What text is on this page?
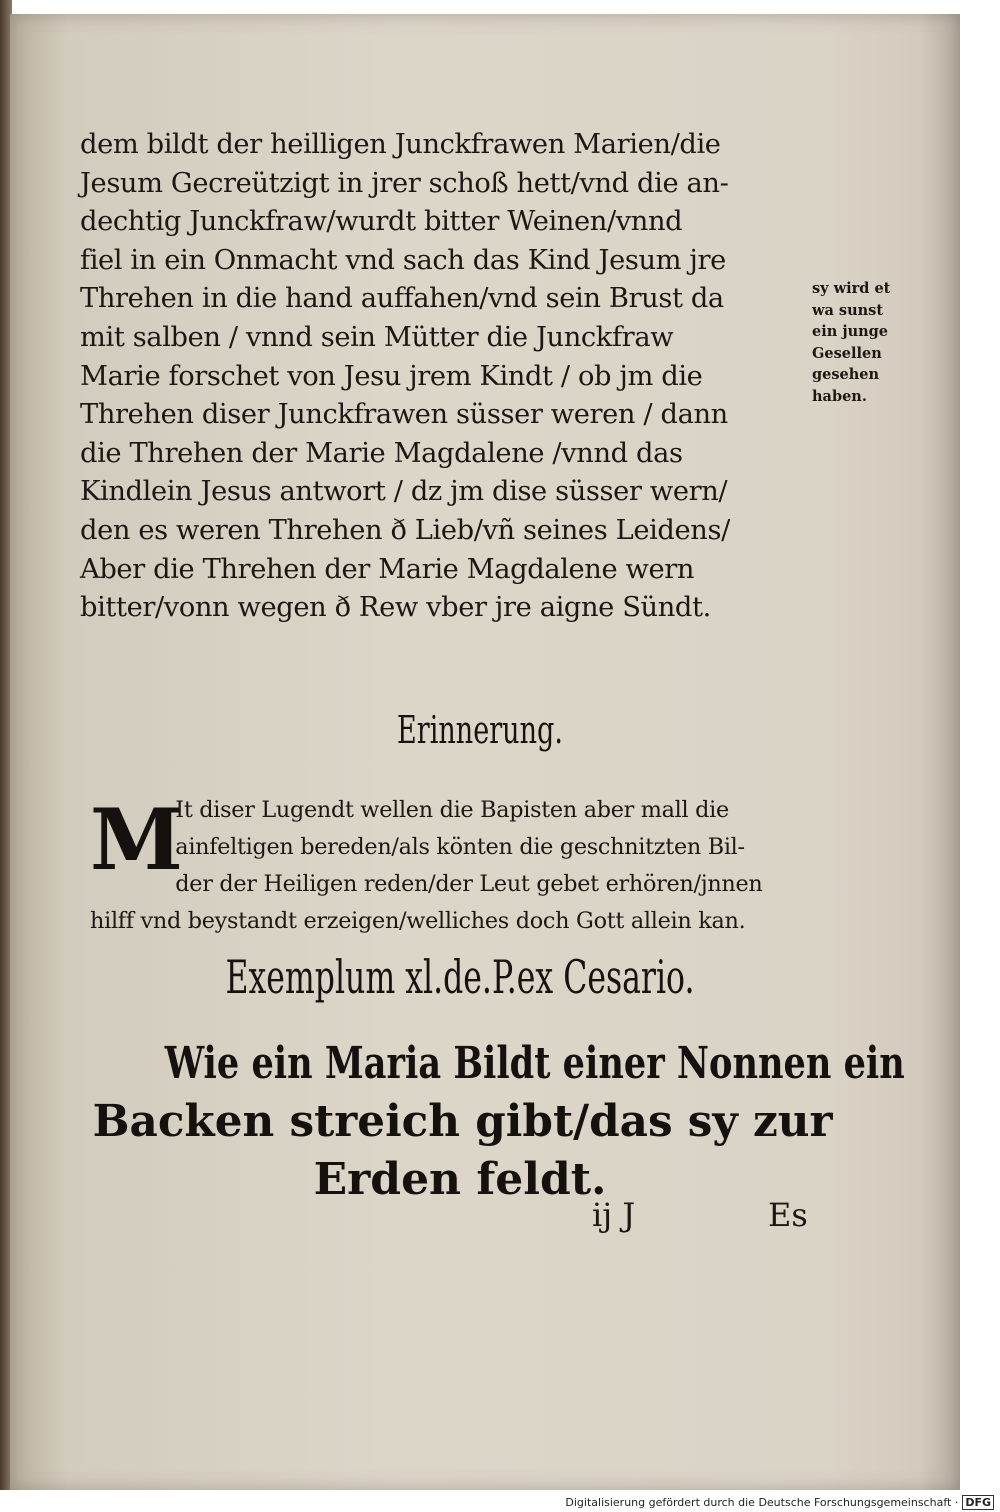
dem bildt der heilligen Junckfrawen Marien/die
Jesum Gecreützigt in jrer schoß hett/vnd die an-
dechtig Junckfraw/wurdt bitter Weinen/vnnd
fiel in ein Onmacht vnd sach das Kind Jesum jre
Threhen in die hand auffahen/vnd sein Brust da
mit salben / vnnd sein Mütter die Junckfraw
Marie forschet von Jesu jrem Kindt / ob jm die
Threhen diser Junckfrawen süsser weren / dann
die Threhen der Marie Magdalene /vnnd das
Kindlein Jesus antwort / dz jm dise süsser wern/
den es weren Threhen ð Lieb/vñ seines Leidens/
Aber die Threhen der Marie Magdalene wern
bitter/vonn wegen ð Rew vber jre aigne Sündt.
sy wird et
wa sunst
ein junge
Gesellen
gesehen
haben.
Erinnerung.
M
It diser Lugendt wellen die Bapisten aber mall die
ainfeltigen bereden/als könten die geschnitzten Bil-
der der Heiligen reden/der Leut gebet erhören/jnnen
hilff vnd beystandt erzeigen/welliches doch Gott allein kan.
Exemplum xl.de.P.ex Cesario.
Wie ein Maria Bildt einer Nonnen ein
Backen streich gibt/das sy zur
Erden feldt.
ij J	Es
Digitalisierung gefördert durch die Deutsche Forschungsgemeinschaft · DFG
